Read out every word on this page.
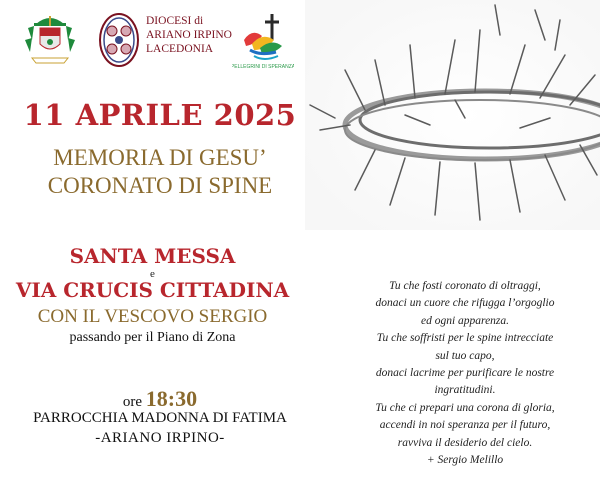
DIOCESI di
ARIANO IRPINO
LACEDONIA
PELLEGRINI DI SPERANZA
11 APRILE 2025
MEMORIA DI GESU’
CORONATO DI SPINE
SANTA MESSA
e
VIA CRUCIS CITTADINA
CON IL VESCOVO SERGIO
passando per il Piano di Zona
ore 18:30
PARROCCHIA MADONNA DI FATIMA
-ARIANO IRPINO-
Tu che fosti coronato di oltraggi,
donaci un cuore che rifugga l’orgoglio
ed ogni apparenza.
Tu che soffristi per le spine intrecciate
sul tuo capo,
donaci lacrime per purificare le nostre
ingratitudini.
Tu che ci prepari una corona di gloria,
accendi in noi speranza per il futuro,
ravviva il desiderio del cielo.
+ Sergio Melillo
